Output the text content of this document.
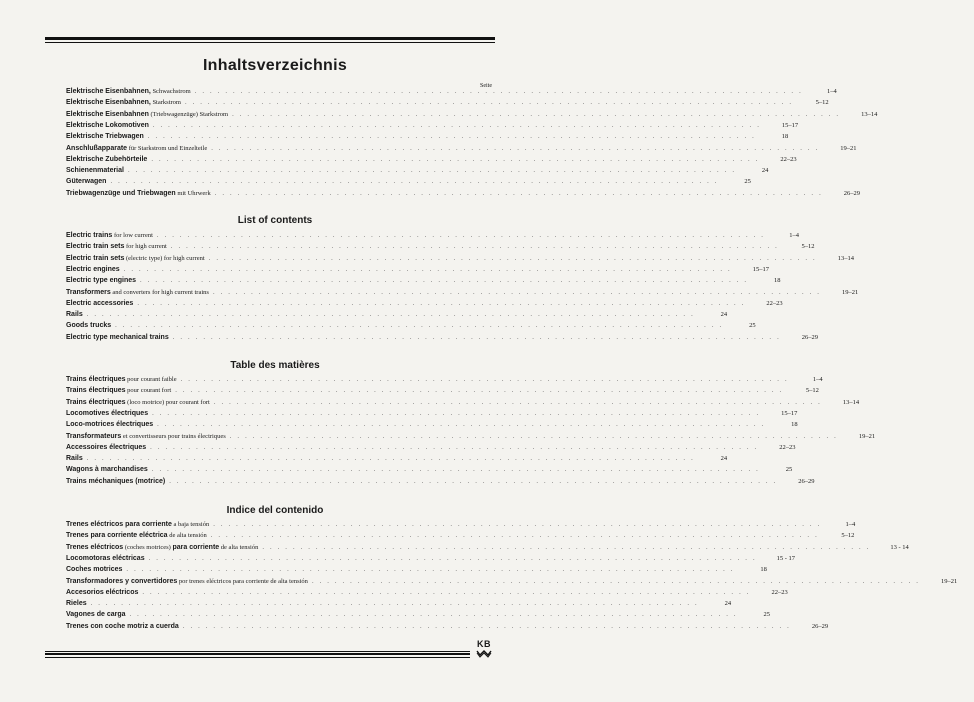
Inhaltsverzeichnis
Seite
Elektrische Eisenbahnen, Schwachstrom . . . . . . . . . . . . . . . . . . . . . . . . . . . . . . . . . . . . . . . . . . . . . . . . . . . . . . . . . . . . . . . . . . . . . . . . . . . . . . . .	1–4
Elektrische Eisenbahnen, Starkstrom . . . . . . . . . . . . . . . . . . . . . . . . . . . . . . . . . . . . . . . . . . . . . . . . . . . . . . . . . . . . . . . . . . . . . . . . . . . . . . . .	5–12
Elektrische Eisenbahnen (Triebwagenzüge) Starkstrom . . . . . . . . . . . . . . . . . . . . . . . . . . . . . . . . . . . . . . . . . . . . . . . . . . . . . . . . . . . . . . . . . . . . . . . . . . . . . . . .	13–14
Elektrische Lokomotiven . . . . . . . . . . . . . . . . . . . . . . . . . . . . . . . . . . . . . . . . . . . . . . . . . . . . . . . . . . . . . . . . . . . . . . . . . . . . . . . .	15–17
Elektrische Triebwagen . . . . . . . . . . . . . . . . . . . . . . . . . . . . . . . . . . . . . . . . . . . . . . . . . . . . . . . . . . . . . . . . . . . . . . . . . . . . . . . .	18
Anschlußapparate für Starkstrom und Einzelteile . . . . . . . . . . . . . . . . . . . . . . . . . . . . . . . . . . . . . . . . . . . . . . . . . . . . . . . . . . . . . . . . . . . . . . . . . . . . . . . .	19–21
Elektrische Zubehörteile . . . . . . . . . . . . . . . . . . . . . . . . . . . . . . . . . . . . . . . . . . . . . . . . . . . . . . . . . . . . . . . . . . . . . . . . . . . . . . . .	22–23
Schienenmaterial . . . . . . . . . . . . . . . . . . . . . . . . . . . . . . . . . . . . . . . . . . . . . . . . . . . . . . . . . . . . . . . . . . . . . . . . . . . . . . . .	24
Güterwagen . . . . . . . . . . . . . . . . . . . . . . . . . . . . . . . . . . . . . . . . . . . . . . . . . . . . . . . . . . . . . . . . . . . . . . . . . . . . . . . .	25
Triebwagenzüge und Triebwagen mit Uhrwerk . . . . . . . . . . . . . . . . . . . . . . . . . . . . . . . . . . . . . . . . . . . . . . . . . . . . . . . . . . . . . . . . . . . . . . . . . . . . . . . .	26–29
List of contents
Electric trains for low current . . . . . . . . . . . . . . . . . . . . . . . . . . . . . . . . . . . . . . . . . . . . . . . . . . . . . . . . . . . . . . . . . . . . . . . . . . . . . . . .	1–4
Electric train sets for high current . . . . . . . . . . . . . . . . . . . . . . . . . . . . . . . . . . . . . . . . . . . . . . . . . . . . . . . . . . . . . . . . . . . . . . . . . . . . . . . .	5–12
Electric train sets (electric type) for high current . . . . . . . . . . . . . . . . . . . . . . . . . . . . . . . . . . . . . . . . . . . . . . . . . . . . . . . . . . . . . . . . . . . . . . . . . . . . . . . .	13–14
Electric engines . . . . . . . . . . . . . . . . . . . . . . . . . . . . . . . . . . . . . . . . . . . . . . . . . . . . . . . . . . . . . . . . . . . . . . . . . . . . . . . .	15–17
Electric type engines . . . . . . . . . . . . . . . . . . . . . . . . . . . . . . . . . . . . . . . . . . . . . . . . . . . . . . . . . . . . . . . . . . . . . . . . . . . . . . . .	18
Transformers and converters for high current trains . . . . . . . . . . . . . . . . . . . . . . . . . . . . . . . . . . . . . . . . . . . . . . . . . . . . . . . . . . . . . . . . . . . . . . . . . . . . . . . .	19–21
Electric accessories . . . . . . . . . . . . . . . . . . . . . . . . . . . . . . . . . . . . . . . . . . . . . . . . . . . . . . . . . . . . . . . . . . . . . . . . . . . . . . . .	22–23
Rails . . . . . . . . . . . . . . . . . . . . . . . . . . . . . . . . . . . . . . . . . . . . . . . . . . . . . . . . . . . . . . . . . . . . . . . . . . . . . . . .	24
Goods trucks . . . . . . . . . . . . . . . . . . . . . . . . . . . . . . . . . . . . . . . . . . . . . . . . . . . . . . . . . . . . . . . . . . . . . . . . . . . . . . . .	25
Electric type mechanical trains . . . . . . . . . . . . . . . . . . . . . . . . . . . . . . . . . . . . . . . . . . . . . . . . . . . . . . . . . . . . . . . . . . . . . . . . . . . . . . . .	26–29
Table des matières
Trains électriques pour courant faible . . . . . . . . . . . . . . . . . . . . . . . . . . . . . . . . . . . . . . . . . . . . . . . . . . . . . . . . . . . . . . . . . . . . . . . . . . . . . . . .	1–4
Trains électriques pour courant fort . . . . . . . . . . . . . . . . . . . . . . . . . . . . . . . . . . . . . . . . . . . . . . . . . . . . . . . . . . . . . . . . . . . . . . . . . . . . . . . .	5–12
Trains électriques (loco motrice) pour courant fort . . . . . . . . . . . . . . . . . . . . . . . . . . . . . . . . . . . . . . . . . . . . . . . . . . . . . . . . . . . . . . . . . . . . . . . . . . . . . . . .	13–14
Locomotives électriques . . . . . . . . . . . . . . . . . . . . . . . . . . . . . . . . . . . . . . . . . . . . . . . . . . . . . . . . . . . . . . . . . . . . . . . . . . . . . . . .	15–17
Loco-motrices électriques . . . . . . . . . . . . . . . . . . . . . . . . . . . . . . . . . . . . . . . . . . . . . . . . . . . . . . . . . . . . . . . . . . . . . . . . . . . . . . . .	18
Transformateurs et convertisseurs pour trains électriques . . . . . . . . . . . . . . . . . . . . . . . . . . . . . . . . . . . . . . . . . . . . . . . . . . . . . . . . . . . . . . . . . . . . . . . . . . . . . . . .	19–21
Accessoires électriques . . . . . . . . . . . . . . . . . . . . . . . . . . . . . . . . . . . . . . . . . . . . . . . . . . . . . . . . . . . . . . . . . . . . . . . . . . . . . . . .	22–23
Rails . . . . . . . . . . . . . . . . . . . . . . . . . . . . . . . . . . . . . . . . . . . . . . . . . . . . . . . . . . . . . . . . . . . . . . . . . . . . . . . .	24
Wagons à marchandises . . . . . . . . . . . . . . . . . . . . . . . . . . . . . . . . . . . . . . . . . . . . . . . . . . . . . . . . . . . . . . . . . . . . . . . . . . . . . . . .	25
Trains méchaniques (motrice) . . . . . . . . . . . . . . . . . . . . . . . . . . . . . . . . . . . . . . . . . . . . . . . . . . . . . . . . . . . . . . . . . . . . . . . . . . . . . . . .	26–29
Indice del contenido
Trenes eléctricos para corriente a baja tensión . . . . . . . . . . . . . . . . . . . . . . . . . . . . . . . . . . . . . . . . . . . . . . . . . . . . . . . . . . . . . . . . . . . . . . . . . . . . . . . .	1–4
Trenes para corriente eléctrica de alta tensión . . . . . . . . . . . . . . . . . . . . . . . . . . . . . . . . . . . . . . . . . . . . . . . . . . . . . . . . . . . . . . . . . . . . . . . . . . . . . . . .	5–12
Trenes eléctricos (coches motrices) para corriente de alta tensión . . . . . . . . . . . . . . . . . . . . . . . . . . . . . . . . . . . . . . . . . . . . . . . . . . . . . . . . . . . . . . . . . . . . . . . . . . . . . . . .	13 - 14
Locomotoras eléctricas . . . . . . . . . . . . . . . . . . . . . . . . . . . . . . . . . . . . . . . . . . . . . . . . . . . . . . . . . . . . . . . . . . . . . . . . . . . . . . . .	15 - 17
Coches motrices . . . . . . . . . . . . . . . . . . . . . . . . . . . . . . . . . . . . . . . . . . . . . . . . . . . . . . . . . . . . . . . . . . . . . . . . . . . . . . . .	18
Transformadores y convertidores por trenes eléctricos para corriente de alta tensión . . . . . . . . . . . . . . . . . . . . . . . . . . . . . . . . . . . . . . . . . . . . . . . . . . . . . . . . . . . . . . . . . . . . . . . . . . . . . . . .	19–21
Accesorios eléctricos . . . . . . . . . . . . . . . . . . . . . . . . . . . . . . . . . . . . . . . . . . . . . . . . . . . . . . . . . . . . . . . . . . . . . . . . . . . . . . . .	22–23
Rieles . . . . . . . . . . . . . . . . . . . . . . . . . . . . . . . . . . . . . . . . . . . . . . . . . . . . . . . . . . . . . . . . . . . . . . . . . . . . . . . .	24
Vagones de carga . . . . . . . . . . . . . . . . . . . . . . . . . . . . . . . . . . . . . . . . . . . . . . . . . . . . . . . . . . . . . . . . . . . . . . . . . . . . . . . .	25
Trenes con coche motriz a cuerda . . . . . . . . . . . . . . . . . . . . . . . . . . . . . . . . . . . . . . . . . . . . . . . . . . . . . . . . . . . . . . . . . . . . . . . . . . . . . . . .	26–29
KB
